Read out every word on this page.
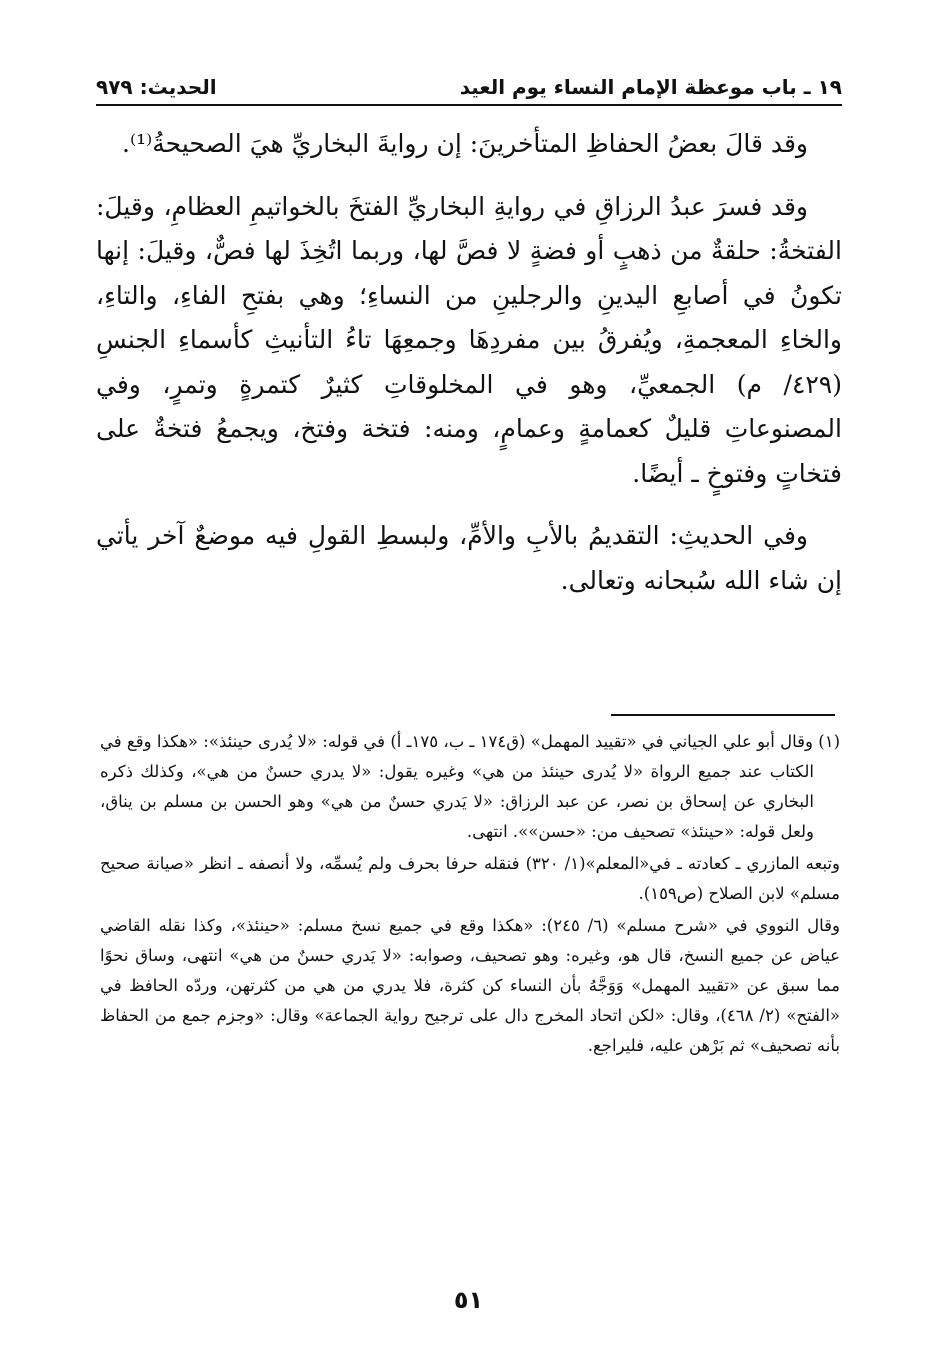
١٩ ـ باب موعظة الإمام النساء يوم العيد
الحديث: ٩٧٩

وقد قالَ بعضُ الحفاظِ المتأخرينَ: إن روايةَ البخاريِّ هيَ الصحيحةُ⁽¹⁾.

وقد فسرَ عبدُ الرزاقِ في روايةِ البخاريِّ الفتخَ بالخواتيمِ العظامِ، وقيلَ: الفتخةُ: حلقةٌ من ذهبٍ أو فضةٍ لا فصَّ لها، وربما اتُخِذَ لها فصٌّ، وقيلَ: إنها تكونُ في أصابعِ اليدينِ والرجلينِ من النساءِ؛ وهي بفتحِ الفاءِ، والتاءِ، والخاءِ المعجمةِ، ويُفرقُ بين مفردِهَا وجمعِهَا تاءُ التأنيثِ كأسماءِ الجنسِ (٤٢٩/ م) الجمعيِّ، وهو في المخلوقاتِ كثيرٌ كتمرةٍ وتمرٍ، وفي المصنوعاتِ قليلٌ كعمامةٍ وعمامٍ، ومنه: فتخة وفتخ، ويجمعُ فتخةٌ على فتخاتٍ وفتوخٍ ـ أيضًا.

وفي الحديثِ: التقديمُ بالأبِ والأمِّ، ولبسطِ القولِ فيه موضعٌ آخر يأتي إن شاء الله سُبحانه وتعالى.

(١) وقال أبو علي الجياني في «تقييد المهمل» (ق١٧٤ ـ ب، ١٧٥ـ أ) في قوله: «لا يُدرى حينئذ»: «هكذا وقع في الكتاب عند جميع الرواة «لا يُدرى حينئذ من هي» وغيره يقول: «لا يدري حسنٌ من هي»، وكذلك ذكره البخاري عن إسحاق بن نصر، عن عبد الرزاق: «لا يَدري حسنٌ من هي» وهو الحسن بن مسلم بن يناق، ولعل قوله: «حينئذ» تصحيف من: «حسن»». انتهى.

وتبعه المازري ـ كعادته ـ في«المعلم»(١/ ٣٢٠) فنقله حرفا بحرف ولم يُسمِّه، ولا أنصفه ـ انظر «صيانة صحيح مسلم» لابن الصلاح (ص١٥٩).

وقال النووي في «شرح مسلم» (٦/ ٢٤٥): «هكذا وقع في جميع نسخ مسلم: «حينئذ»، وكذا نقله القاضي عياض عن جميع النسخ، قال هو، وغيره: وهو تصحيف، وصوابه: «لا يَدري حسنٌ من هي» انتهى، وساق نحوًا مما سبق عن «تقييد المهمل» وَوَجَّهُ بأن النساء كن كثرة، فلا يدري من هي من كثرتهن، وردّه الحافظ في «الفتح» (٢/ ٤٦٨)، وقال: «لكن اتحاد المخرج دال على ترجيح رواية الجماعة» وقال: «وجزم جمع من الحفاظ بأنه تصحيف» ثم بَرْهن عليه، فليراجع.

٥١
